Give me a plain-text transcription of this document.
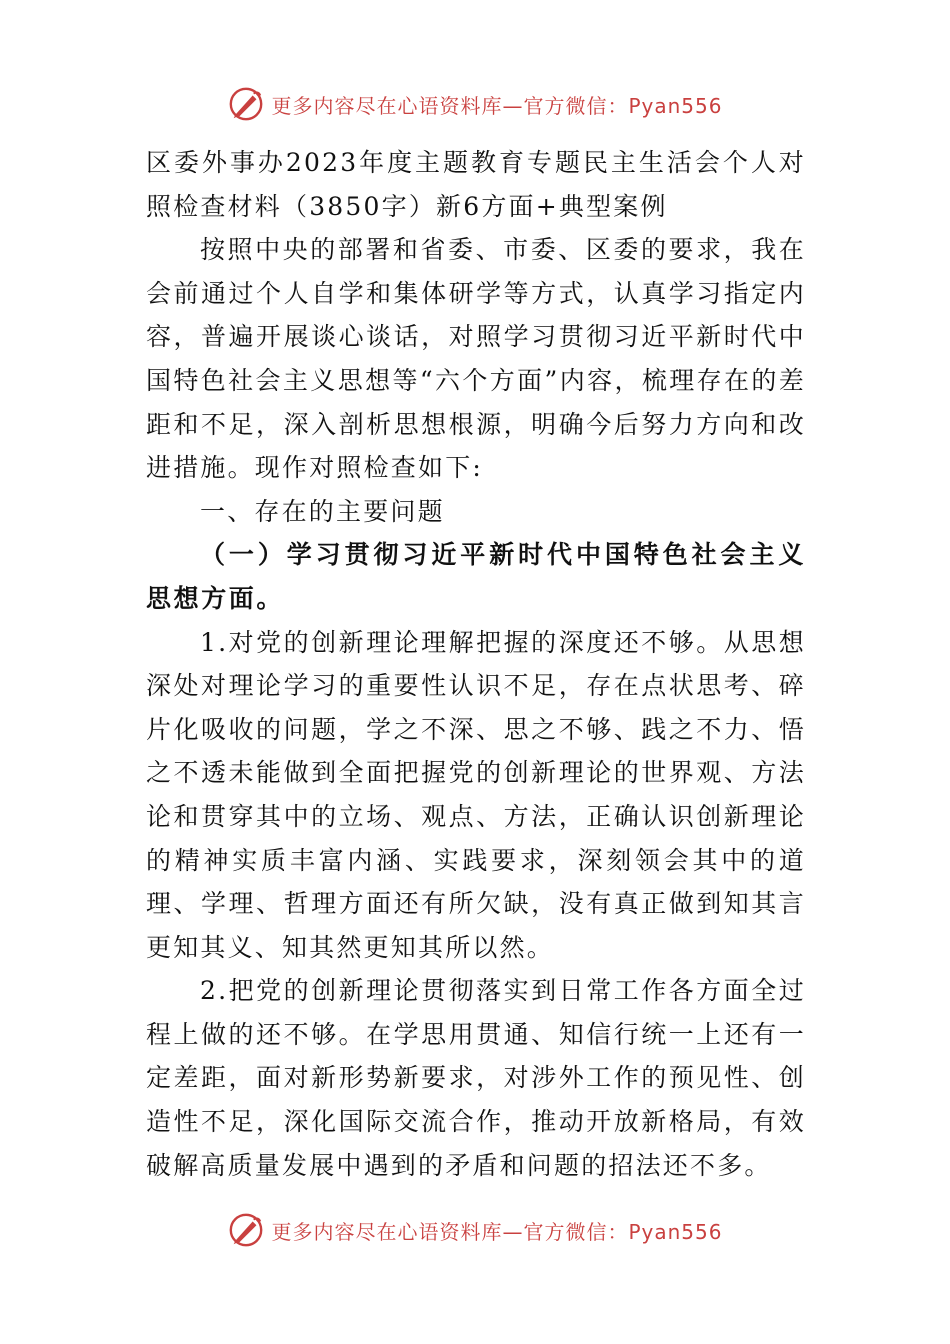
更多内容尽在心语资料库—官方微信：Pyan556

区委外事办2023年度主题教育专题民主生活会个人对照检查材料（3850字）新6方面+典型案例

按照中央的部署和省委、市委、区委的要求，我在会前通过个人自学和集体研学等方式，认真学习指定内容，普遍开展谈心谈话，对照学习贯彻习近平新时代中国特色社会主义思想等“六个方面”内容，梳理存在的差距和不足，深入剖析思想根源，明确今后努力方向和改进措施。现作对照检查如下:

一、存在的主要问题

（一）学习贯彻习近平新时代中国特色社会主义思想方面。

1.对党的创新理论理解把握的深度还不够。从思想深处对理论学习的重要性认识不足，存在点状思考、碎片化吸收的问题，学之不深、思之不够、践之不力、悟之不透未能做到全面把握党的创新理论的世界观、方法论和贯穿其中的立场、观点、方法，正确认识创新理论的精神实质丰富内涵、实践要求，深刻领会其中的道理、学理、哲理方面还有所欠缺，没有真正做到知其言更知其义、知其然更知其所以然。

2.把党的创新理论贯彻落实到日常工作各方面全过程上做的还不够。在学思用贯通、知信行统一上还有一定差距，面对新形势新要求，对涉外工作的预见性、创造性不足，深化国际交流合作，推动开放新格局，有效破解高质量发展中遇到的矛盾和问题的招法还不多。

更多内容尽在心语资料库—官方微信：Pyan556
